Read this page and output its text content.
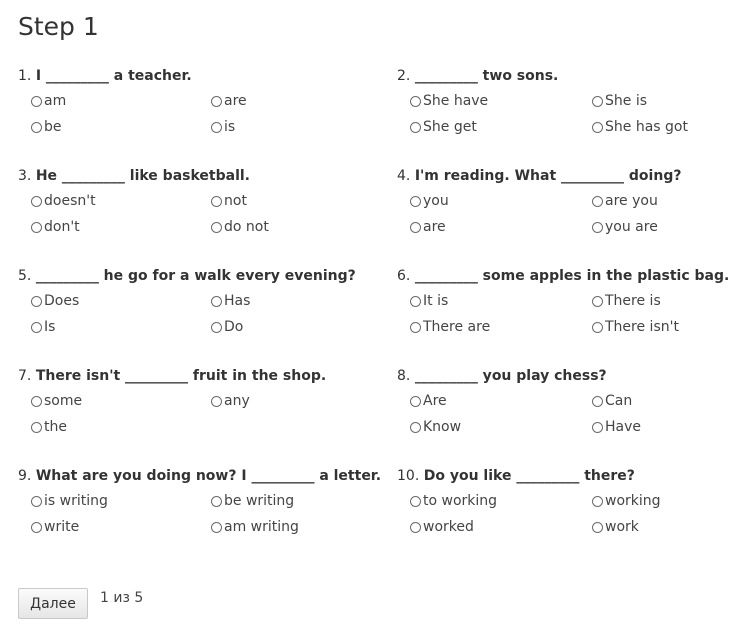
Step 1
1. I _________ a teacher.
am	are
be	is
2. _________ two sons.
She have	She is
She get	She has got
3. He _________ like basketball.
doesn't	not
don't	do not
4. I'm reading. What _________ doing?
you	are you
are	you are
5. _________ he go for a walk every evening?
Does	Has
Is	Do
6. _________ some apples in the plastic bag.
It is	There is
There are	There isn't
7. There isn't _________ fruit in the shop.
some	any
the
8. _________ you play chess?
Are	Can
Know	Have
9. What are you doing now? I _________ a letter.
is writing	be writing
write	am writing
10. Do you like _________ there?
to working	working
worked	work
Далее	1 из 5
